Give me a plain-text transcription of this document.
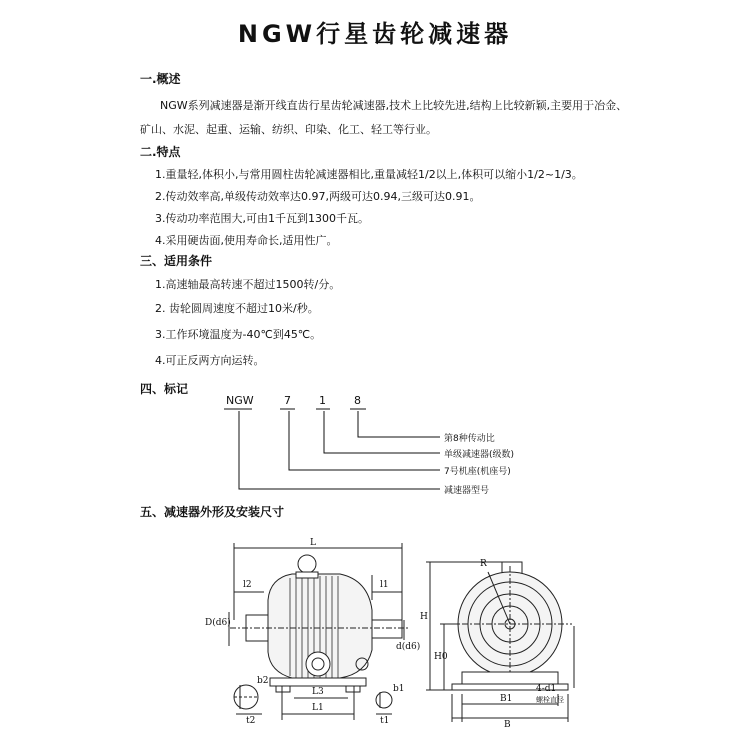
NGW行星齿轮减速器
一.概述
NGW系列减速器是渐开线直齿行星齿轮减速器,技术上比较先进,结构上比较新颖,主要用于冶金、
矿山、水泥、起重、运输、纺织、印染、化工、轻工等行业。
二.特点
1.重量轻,体积小,与常用圆柱齿轮减速器相比,重量减轻1/2以上,体积可以缩小1/2~1/3。
2.传动效率高,单级传动效率达0.97,两级可达0.94,三级可达0.91。
3.传动功率范围大,可由1千瓦到1300千瓦。
4.采用硬齿面,使用寿命长,适用性广。
三、适用条件
1.高速轴最高转速不超过1500转/分。
2. 齿轮圆周速度不超过10米/秒。
3.工作环境温度为-40℃到45℃。
4.可正反两方向运转。
四、标记
NGW	7	1	8
第8种传动比
单级减速器(级数)
7号机座(机座号)
减速器型号
五、减速器外形及安装尺寸
L
l2	l1
D(d6)
d(d6)
L3
L1
b2
t2
b1
t1
R
H
H0
4-d1
螺栓直径
B1
B
